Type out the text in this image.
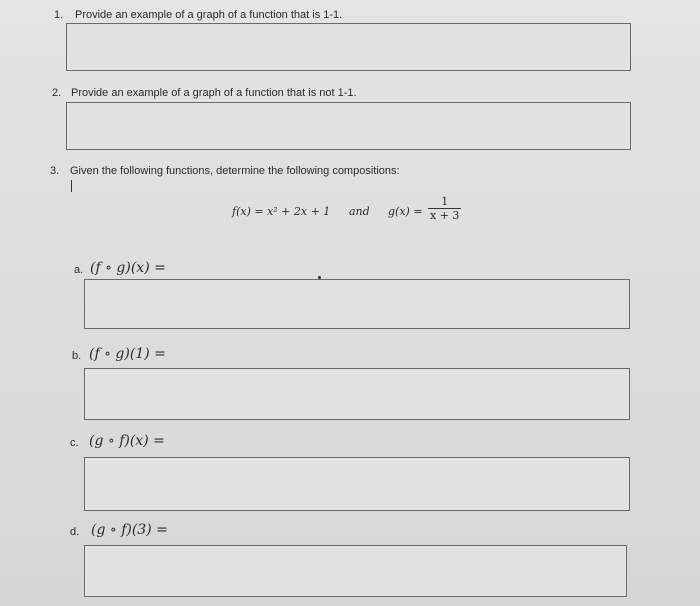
1. Provide an example of a graph of a function that is 1-1.
2. Provide an example of a graph of a function that is not 1-1.
3. Given the following functions, determine the following compositions:
f(x) = x² + 2x + 1 and $g(x) = \frac{1}{x + 3}$
a. (f ∘ g)(x) =
b. (f ∘ g)(1) =
c. (g ∘ f)(x) =
d. (g ∘ f)(3) =
